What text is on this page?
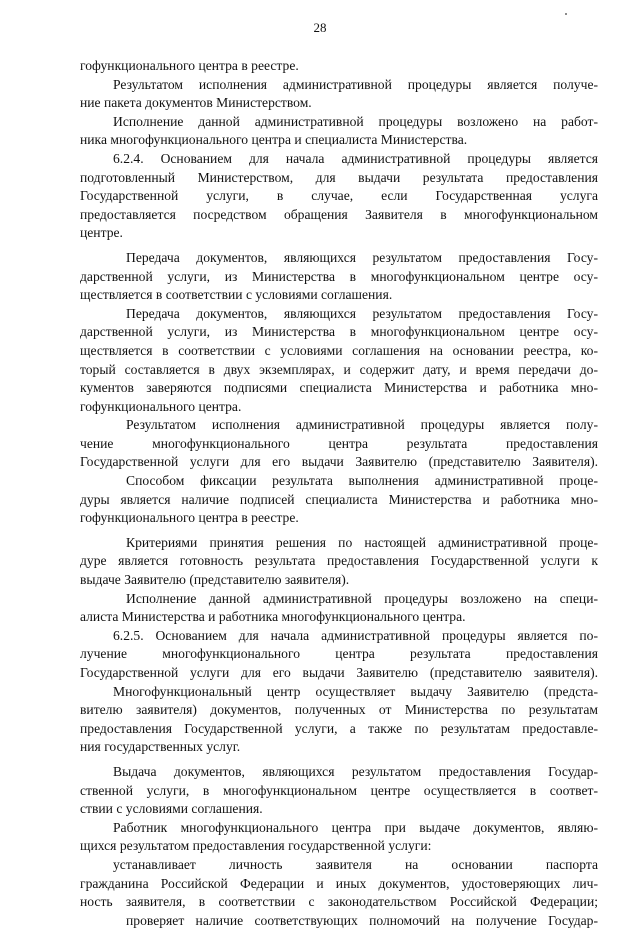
28
гофункционального центра в реестре.
Результатом исполнения административной процедуры является получе-
ние пакета документов Министерством.
Исполнение данной административной процедуры возложено на работ-
ника многофункционального центра и специалиста Министерства.
6.2.4. Основанием для начала административной процедуры является
подготовленный Министерством, для выдачи результата предоставления
Государственной услуги, в случае, если Государственная услуга
предоставляется посредством обращения Заявителя в многофункциональном
центре.
Передача документов, являющихся результатом предоставления Госу-
дарственной услуги, из Министерства в многофункциональном центре осу-
ществляется в соответствии с условиями соглашения.
Передача документов, являющихся результатом предоставления Госу-
дарственной услуги, из Министерства в многофункциональном центре осу-
ществляется в соответствии с условиями соглашения на основании реестра, ко-
торый составляется в двух экземплярах, и содержит дату, и время передачи до-
кументов заверяются подписями специалиста Министерства и работника мно-
гофункционального центра.
Результатом исполнения административной процедуры является полу-
чение многофункционального центра результата предоставления
Государственной услуги для его выдачи Заявителю (представителю Заявителя).
Способом фиксации результата выполнения административной проце-
дуры является наличие подписей специалиста Министерства и работника мно-
гофункционального центра в реестре.
Критериями принятия решения по настоящей административной проце-
дуре является готовность результата предоставления Государственной услуги к
выдаче Заявителю (представителю заявителя).
Исполнение данной административной процедуры возложено на специ-
алиста Министерства и работника многофункционального центра.
6.2.5. Основанием для начала административной процедуры является по-
лучение многофункционального центра результата предоставления
Государственной услуги для его выдачи Заявителю (представителю заявителя).
Многофункциональный центр осуществляет выдачу Заявителю (предста-
вителю заявителя) документов, полученных от Министерства по результатам
предоставления Государственной услуги, а также по результатам предоставле-
ния государственных услуг.
Выдача документов, являющихся результатом предоставления Государ-
ственной услуги, в многофункциональном центре осуществляется в соответ-
ствии с условиями соглашения.
Работник многофункционального центра при выдаче документов, являю-
щихся результатом предоставления государственной услуги:
устанавливает личность заявителя на основании паспорта
гражданина Российской Федерации и иных документов, удостоверяющих лич-
ность заявителя, в соответствии с законодательством Российской Федерации;
проверяет наличие соответствующих полномочий на получение Государ-
